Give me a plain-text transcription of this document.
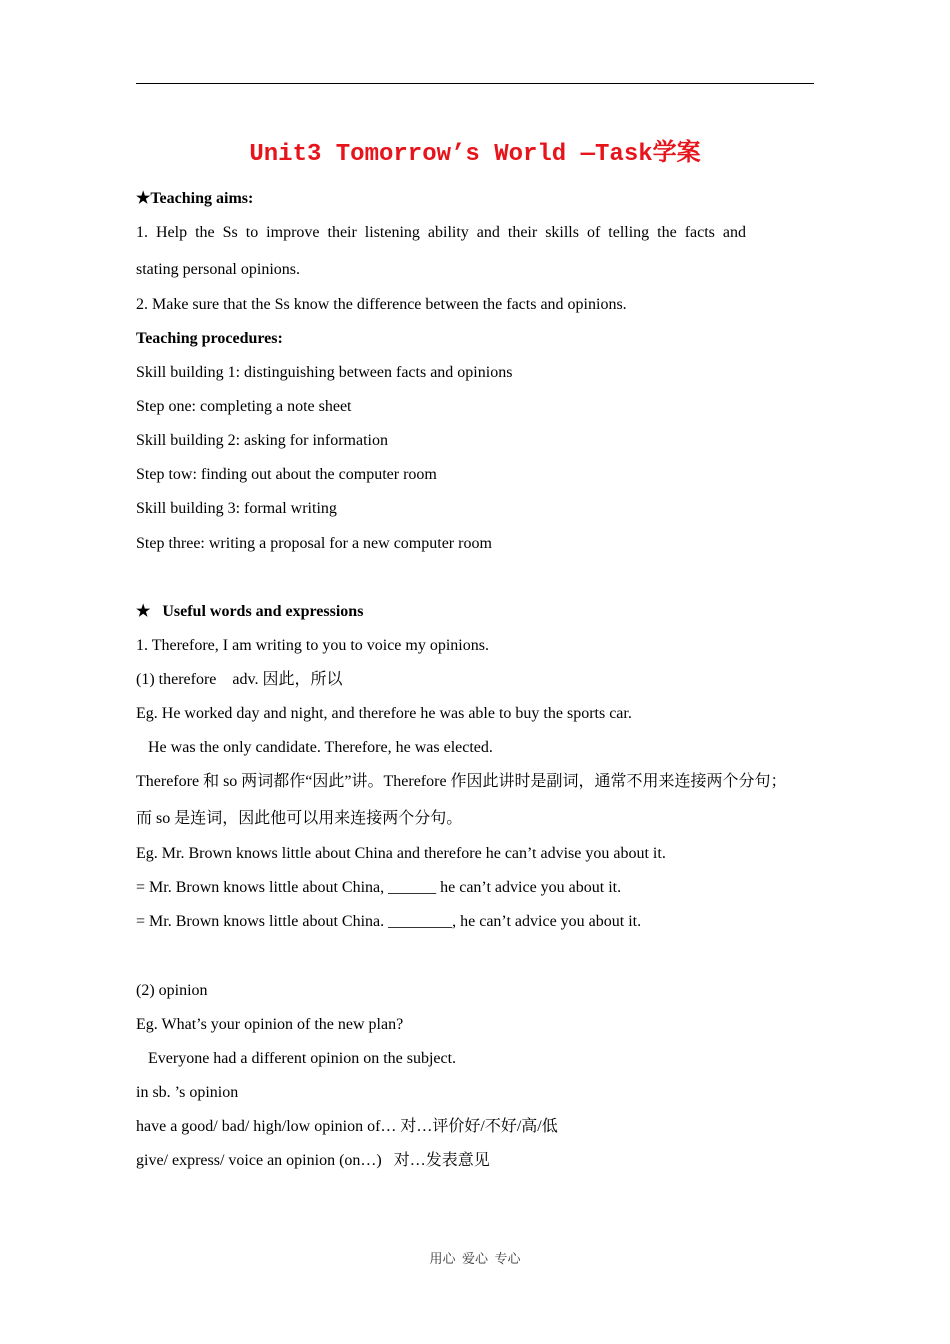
Unit3 Tomorrow’s World —Task学案
★Teaching aims:
1. Help the Ss to improve their listening ability and their skills of telling the facts and
stating personal opinions.
2. Make sure that the Ss know the difference between the facts and opinions.
Teaching procedures:
Skill building 1: distinguishing between facts and opinions
Step one: completing a note sheet
Skill building 2: asking for information
Step tow: finding out about the computer room
Skill building 3: formal writing
Step three: writing a proposal for a new computer room
★ Useful words and expressions
1. Therefore, I am writing to you to voice my opinions.
(1) therefore    adv. 因此，所以
Eg. He worked day and night, and therefore he was able to buy the sports car.
He was the only candidate. Therefore, he was elected.
Therefore 和 so 两词都作“因此”讲。Therefore 作因此讲时是副词，通常不用来连接两个分句；
而 so 是连词，因此他可以用来连接两个分句。
Eg. Mr. Brown knows little about China and therefore he can’t advise you about it.
= Mr. Brown knows little about China, ______ he can’t advice you about it.
= Mr. Brown knows little about China. ________, he can’t advice you about it.
(2) opinion
Eg. What’s your opinion of the new plan?
Everyone had a different opinion on the subject.
in sb. ’s opinion
have a good/ bad/ high/low opinion of… 对…评价好/不好/高/低
give/ express/ voice an opinion (on…)   对…发表意见
用心  爱心  专心
